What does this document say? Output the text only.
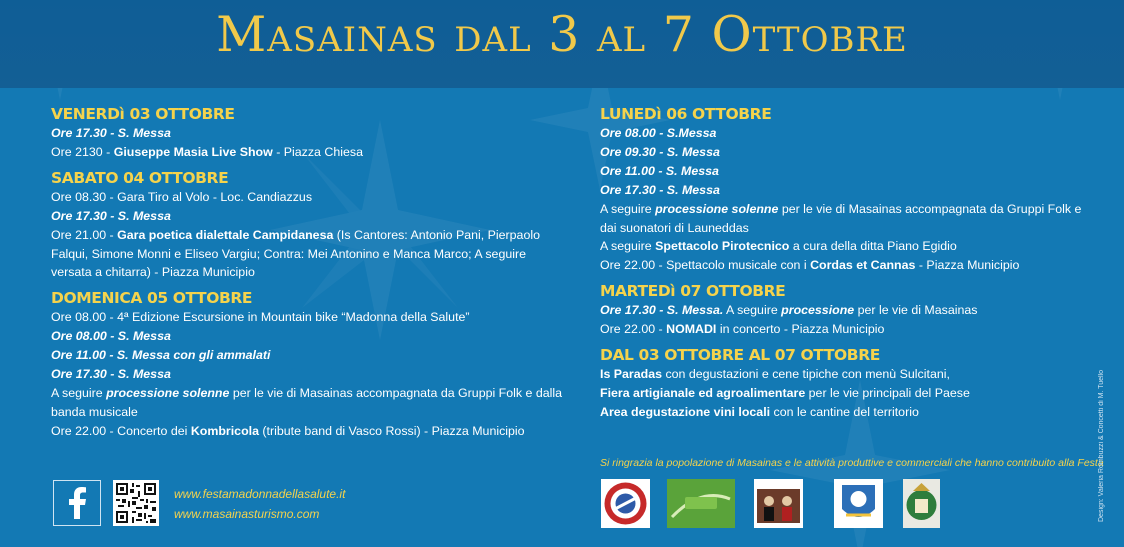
Masainas dal 3 al 7 Ottobre
VENERDì 03 OTTOBRE
Ore 17.30 - S. Messa
Ore 2130 - Giuseppe Masia Live Show - Piazza Chiesa
SABATO 04 OTTOBRE
Ore 08.30 - Gara Tiro al Volo - Loc. Candiazzus
Ore 17.30 - S. Messa
Ore 21.00 - Gara poetica dialettale Campidanesa (Is Cantores: Antonio Pani, Pierpaolo Falqui, Simone Monni e Eliseo Vargiu; Contra: Mei Antonino e Manca Marco; A seguire versata a chitarra) - Piazza Municipio
DOMENICA 05 OTTOBRE
Ore 08.00 - 4ª Edizione Escursione in Mountain bike “Madonna della Salute”
Ore 08.00 - S. Messa
Ore 11.00 - S. Messa con gli ammalati
Ore 17.30 - S. Messa
A seguire processione solenne per le vie di Masainas accompagnata da Gruppi Folk e dalla banda musicale
Ore 22.00 - Concerto dei Kombricola (tribute band di Vasco Rossi) - Piazza Municipio
LUNEDì 06 OTTOBRE
Ore 08.00 - S.Messa
Ore 09.30 - S. Messa
Ore 11.00 - S. Messa
Ore 17.30 - S. Messa
A seguire processione solenne per le vie di Masainas accompagnata da Gruppi Folk e dai suonatori di Launeddas
A seguire Spettacolo Pirotecnico a cura della ditta Piano Egidio
Ore 22.00 - Spettacolo musicale con i Cordas et Cannas - Piazza Municipio
MARTEDì 07 OTTOBRE
Ore 17.30 - S. Messa. A seguire processione per le vie di Masainas
Ore 22.00 - NOMADI in concerto - Piazza Municipio
DAL 03 OTTOBRE AL 07 OTTOBRE
Is Paradas con degustazioni e cene tipiche con menù Sulcitani,
Fiera artigianale ed agroalimentare per le vie principali del Paese
Area degustazione vini locali con le cantine del territorio
Si ringrazia la popolazione di Masainas e le attività produttive e commerciali che hanno contribuito alla Festa
www.festamadonnadellasalute.it
www.masainasturismo.com	Design: Valeria Rombuzzi & Concetti di M. Tuello
